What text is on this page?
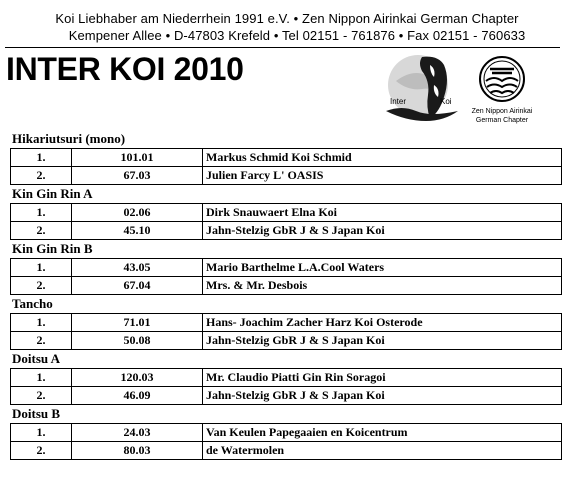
Koi Liebhaber am Niederrhein 1991 e.V. • Zen Nippon Airinkai German Chapter
Kempener Allee • D-47803 Krefeld • Tel 02151 - 761876 • Fax 02151 - 760633
INTER KOI 2010
Inter	Koi
Zen Nippon Airinkai
German Chapter
Hikariutsuri (mono)
1.	101.01	Markus Schmid Koi Schmid
2.	67.03	Julien Farcy L' OASIS
Kin Gin Rin A
1.	02.06	Dirk Snauwaert Elna Koi
2.	45.10	Jahn-Stelzig GbR J & S Japan Koi
Kin Gin Rin B
1.	43.05	Mario Barthelme L.A.Cool Waters
2.	67.04	Mrs. & Mr. Desbois
Tancho
1.	71.01	Hans- Joachim Zacher Harz Koi Osterode
2.	50.08	Jahn-Stelzig GbR J & S Japan Koi
Doitsu A
1.	120.03	Mr. Claudio Piatti Gin Rin Soragoi
2.	46.09	Jahn-Stelzig GbR J & S Japan Koi
Doitsu B
1.	24.03	Van Keulen Papegaaien en Koicentrum
2.	80.03	de Watermolen
